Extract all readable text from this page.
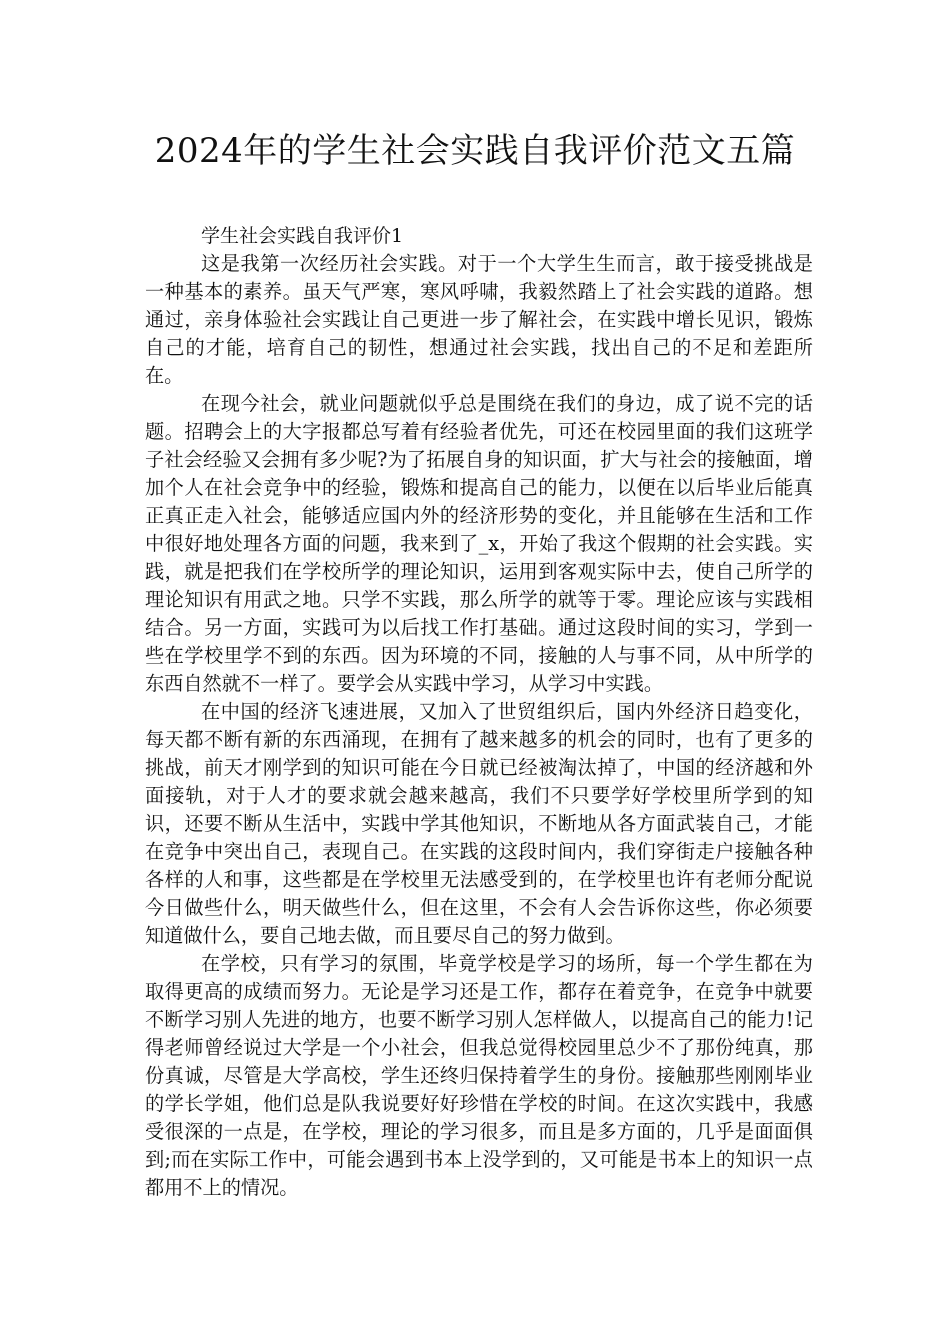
2024年的学生社会实践自我评价范文五篇

学生社会实践自我评价1

这是我第一次经历社会实践。对于一个大学生生而言，敢于接受挑战是一种基本的素养。虽天气严寒，寒风呼啸，我毅然踏上了社会实践的道路。想通过，亲身体验社会实践让自己更进一步了解社会，在实践中增长见识，锻炼自己的才能，培育自己的韧性，想通过社会实践，找出自己的不足和差距所在。

在现今社会，就业问题就似乎总是围绕在我们的身边，成了说不完的话题。招聘会上的大字报都总写着有经验者优先，可还在校园里面的我们这班学子社会经验又会拥有多少呢?为了拓展自身的知识面，扩大与社会的接触面，增加个人在社会竞争中的经验，锻炼和提高自己的能力，以便在以后毕业后能真正真正走入社会，能够适应国内外的经济形势的变化，并且能够在生活和工作中很好地处理各方面的问题，我来到了_x，开始了我这个假期的社会实践。实践，就是把我们在学校所学的理论知识，运用到客观实际中去，使自己所学的理论知识有用武之地。只学不实践，那么所学的就等于零。理论应该与实践相结合。另一方面，实践可为以后找工作打基础。通过这段时间的实习，学到一些在学校里学不到的东西。因为环境的不同，接触的人与事不同，从中所学的东西自然就不一样了。要学会从实践中学习，从学习中实践。

在中国的经济飞速进展，又加入了世贸组织后，国内外经济日趋变化，每天都不断有新的东西涌现，在拥有了越来越多的机会的同时，也有了更多的挑战，前天才刚学到的知识可能在今日就已经被淘汰掉了，中国的经济越和外面接轨，对于人才的要求就会越来越高，我们不只要学好学校里所学到的知识，还要不断从生活中，实践中学其他知识，不断地从各方面武装自己，才能在竞争中突出自己，表现自己。在实践的这段时间内，我们穿街走户接触各种各样的人和事，这些都是在学校里无法感受到的，在学校里也许有老师分配说今日做些什么，明天做些什么，但在这里，不会有人会告诉你这些，你必须要知道做什么，要自己地去做，而且要尽自己的努力做到。

在学校，只有学习的氛围，毕竟学校是学习的场所，每一个学生都在为取得更高的成绩而努力。无论是学习还是工作，都存在着竞争，在竞争中就要不断学习别人先进的地方，也要不断学习别人怎样做人，以提高自己的能力!记得老师曾经说过大学是一个小社会，但我总觉得校园里总少不了那份纯真，那份真诚，尽管是大学高校，学生还终归保持着学生的身份。接触那些刚刚毕业的学长学姐，他们总是队我说要好好珍惜在学校的时间。在这次实践中，我感受很深的一点是，在学校，理论的学习很多，而且是多方面的，几乎是面面俱到;而在实际工作中，可能会遇到书本上没学到的，又可能是书本上的知识一点都用不上的情况。
